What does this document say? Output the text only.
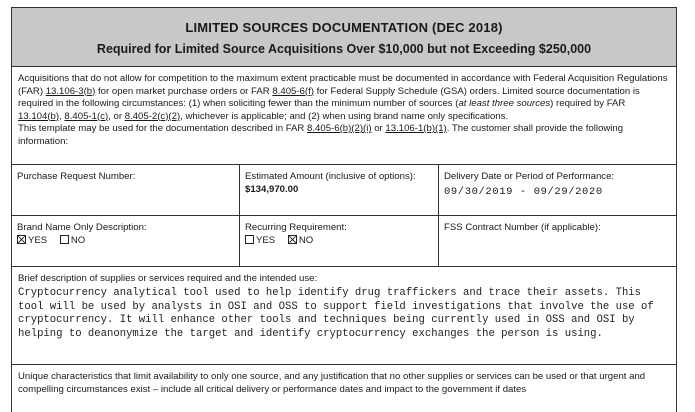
LIMITED SOURCES DOCUMENTATION (DEC 2018)
Required for Limited Source Acquisitions Over $10,000 but not Exceeding $250,000

Acquisitions that do not allow for competition to the maximum extent practicable must be documented in accordance with Federal Acquisition Regulations (FAR) 13.106-3(b) for open market purchase orders or FAR 8.405-6(f) for Federal Supply Schedule (GSA) orders. Limited source documentation is required in the following circumstances: (1) when soliciting fewer than the minimum number of sources (at least three sources) required by FAR 13.104(b), 8.405-1(c), or 8.405-2(c)(2), whichever is applicable; and (2) when using brand name only specifications.

This template may be used for the documentation described in FAR 8.405-6(b)(2)(i) or 13.106-1(b)(1). The customer shall provide the following information:

Purchase Request Number:	Estimated Amount (inclusive of options):
$134,970.00
Delivery Date or Period of Performance:
09/30/2019 - 09/29/2020
Brand Name Only Description:
YES NO
Recurring Requirement:
YES NO
FSS Contract Number (if applicable):
Brief description of supplies or services required and the intended use:
Cryptocurrency analytical tool used to help identify drug traffickers and trace their assets. This tool will be used by analysts in OSI and OSS to support field investigations that involve the use of cryptocurrency. It will enhance other tools and techniques being currently used in OSS and OSI by helping to deanonymize the target and identify cryptocurrency exchanges the person is using.
Unique characteristics that limit availability to only one source, and any justification that no other supplies or services can be used or that urgent and compelling circumstances exist – include all critical delivery or performance dates and impact to the government if dates
